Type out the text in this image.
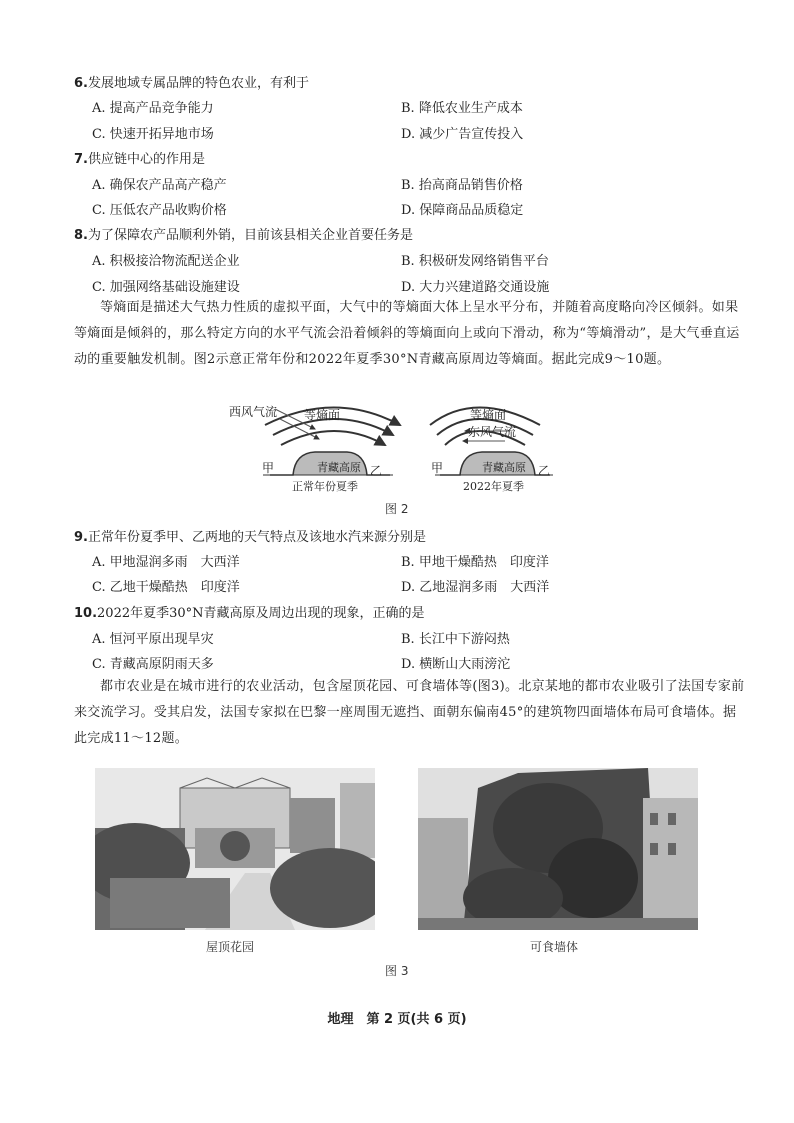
6.发展地域专属品牌的特色农业，有利于
A. 提高产品竞争能力	B. 降低农业生产成本
C. 快速开拓异地市场	D. 减少广告宣传投入
7.供应链中心的作用是
A. 确保农产品高产稳产	B. 抬高商品销售价格
C. 压低农产品收购价格	D. 保障商品品质稳定
8.为了保障农产品顺利外销，目前该县相关企业首要任务是
A. 积极接洽物流配送企业	B. 积极研发网络销售平台
C. 加强网络基础设施建设	D. 大力兴建道路交通设施
等熵面是描述大气热力性质的虚拟平面，大气中的等熵面大体上呈水平分布，并随着高度略向冷区倾斜。如果等熵面是倾斜的，那么特定方向的水平气流会沿着倾斜的等熵面向上或向下滑动，称为“等熵滑动”，是大气垂直运动的重要触发机制。图2示意正常年份和2022年夏季30°N青藏高原周边等熵面。据此完成9～10题。
西风气流 等熵面
青藏高原
甲	乙
正常年份夏季
等熵面
东风气流
青藏高原
甲	乙
2022年夏季
图 2
9.正常年份夏季甲、乙两地的天气特点及该地水汽来源分别是
A. 甲地湿润多雨　大西洋	B. 甲地干燥酷热　印度洋
C. 乙地干燥酷热　印度洋	D. 乙地湿润多雨　大西洋
10.2022年夏季30°N青藏高原及周边出现的现象，正确的是
A. 恒河平原出现旱灾	B. 长江中下游闷热
C. 青藏高原阴雨天多	D. 横断山大雨滂沱
都市农业是在城市进行的农业活动，包含屋顶花园、可食墙体等(图3)。北京某地的都市农业吸引了法国专家前来交流学习。受其启发，法国专家拟在巴黎一座周围无遮挡、面朝东偏南45°的建筑物四面墙体布局可食墙体。据此完成11～12题。
屋顶花园	可食墙体
图 3
地理　第 2 页(共 6 页)
